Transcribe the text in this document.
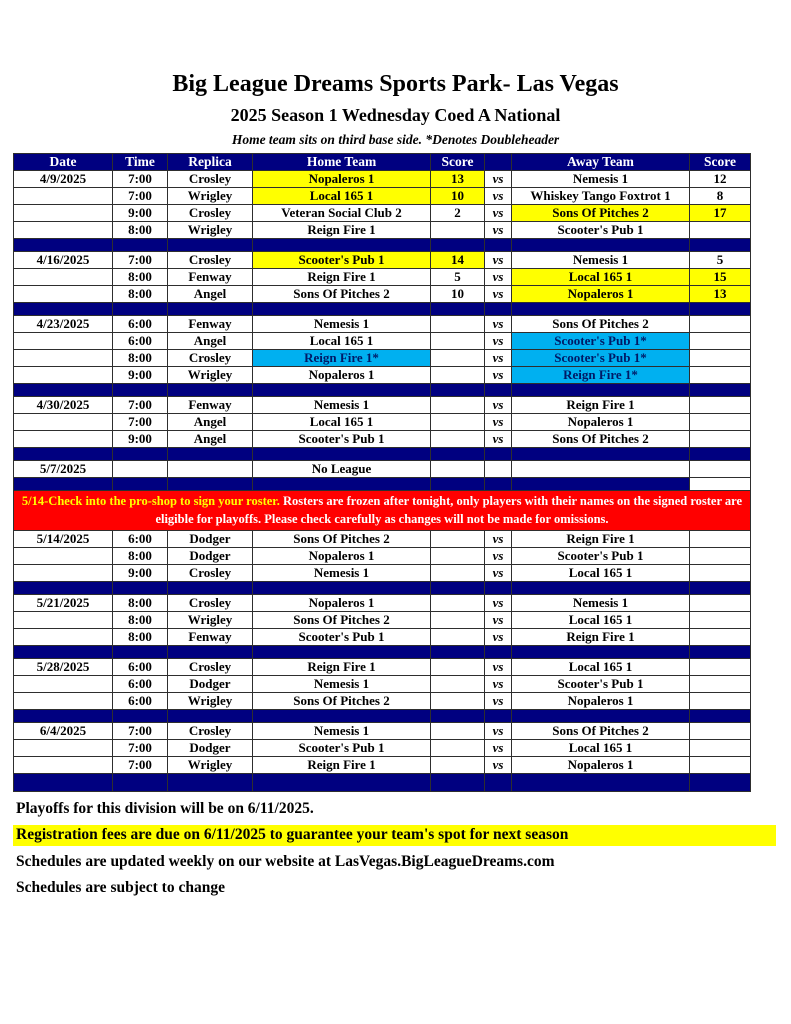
Big League Dreams Sports Park- Las Vegas
2025 Season 1 Wednesday Coed A National
Home team sits on third base side. *Denotes Doubleheader
Date	Time	Replica	Home Team	Score		Away Team	Score
4/9/2025	7:00	Crosley	Nopaleros 1	13	vs	Nemesis 1	12
	7:00	Wrigley	Local 165 1	10	vs	Whiskey Tango Foxtrot 1	8
	9:00	Crosley	Veteran Social Club 2	2	vs	Sons Of Pitches 2	17
	8:00	Wrigley	Reign Fire 1		vs	Scooter's Pub 1	

4/16/2025	7:00	Crosley	Scooter's Pub 1	14	vs	Nemesis 1	5
	8:00	Fenway	Reign Fire 1	5	vs	Local 165 1	15
	8:00	Angel	Sons Of Pitches 2	10	vs	Nopaleros 1	13

4/23/2025	6:00	Fenway	Nemesis 1		vs	Sons Of Pitches 2	
	6:00	Angel	Local 165 1		vs	Scooter's Pub 1*	
	8:00	Crosley	Reign Fire 1*		vs	Scooter's Pub 1*	
	9:00	Wrigley	Nopaleros 1		vs	Reign Fire 1*	

4/30/2025	7:00	Fenway	Nemesis 1		vs	Reign Fire 1	
	7:00	Angel	Local 165 1		vs	Nopaleros 1	
	9:00	Angel	Scooter's Pub 1		vs	Sons Of Pitches 2	

5/7/2025			No League				

5/14-Check into the pro-shop to sign your roster. Rosters are frozen after tonight, only players with their names on the signed roster are eligible for playoffs. Please check carefully as changes will not be made for omissions.							
5/14/2025	6:00	Dodger	Sons Of Pitches 2		vs	Reign Fire 1	
	8:00	Dodger	Nopaleros 1		vs	Scooter's Pub 1	
	9:00	Crosley	Nemesis 1		vs	Local 165 1	

5/21/2025	8:00	Crosley	Nopaleros 1		vs	Nemesis 1	
	8:00	Wrigley	Sons Of Pitches 2		vs	Local 165 1	
	8:00	Fenway	Scooter's Pub 1		vs	Reign Fire 1	

5/28/2025	6:00	Crosley	Reign Fire 1		vs	Local 165 1	
	6:00	Dodger	Nemesis 1		vs	Scooter's Pub 1	
	6:00	Wrigley	Sons Of Pitches 2		vs	Nopaleros 1	

6/4/2025	7:00	Crosley	Nemesis 1		vs	Sons Of Pitches 2	
	7:00	Dodger	Scooter's Pub 1		vs	Local 165 1	
	7:00	Wrigley	Reign Fire 1		vs	Nopaleros 1	

Playoffs for this division will be on 6/11/2025.
Registration fees are due on 6/11/2025 to guarantee your team's spot for next season
Schedules are updated weekly on our website at LasVegas.BigLeagueDreams.com
Schedules are subject to change
